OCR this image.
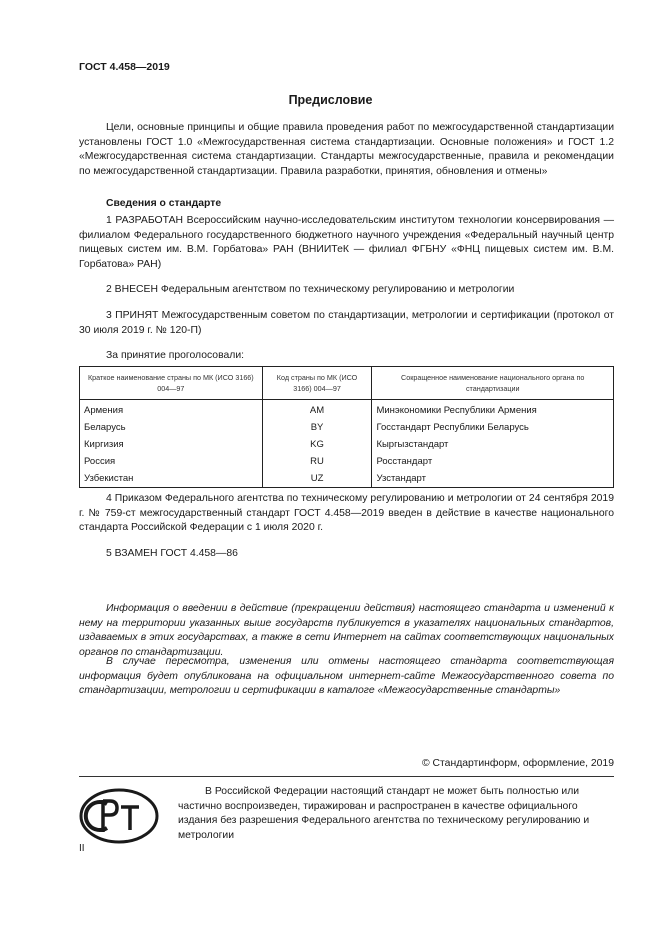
ГОСТ 4.458—2019
Предисловие

Цели, основные принципы и общие правила проведения работ по межгосударственной стандартизации установлены ГОСТ 1.0 «Межгосударственная система стандартизации. Основные положения» и ГОСТ 1.2 «Межгосударственная система стандартизации. Стандарты межгосударственные, правила и рекомендации по межгосударственной стандартизации. Правила разработки, принятия, обновления и отмены»

Сведения о стандарте

1 РАЗРАБОТАН Всероссийским научно-исследовательским институтом технологии консервирования — филиалом Федерального государственного бюджетного научного учреждения «Федеральный научный центр пищевых систем им. В.М. Горбатова» РАН (ВНИИТеК — филиал ФГБНУ «ФНЦ пищевых систем им. В.М. Горбатова» РАН)

2 ВНЕСЕН Федеральным агентством по техническому регулированию и метрологии

3 ПРИНЯТ Межгосударственным советом по стандартизации, метрологии и сертификации (протокол от 30 июля 2019 г. № 120-П)

За принятие проголосовали:

Краткое наименование страны по МК (ИСО 3166) 004—97	Код страны по МК (ИСО 3166) 004—97	Сокращенное наименование национального органа по стандартизации
Армения	AM	Минэкономики Республики Армения
Беларусь	BY	Госстандарт Республики Беларусь
Киргизия	KG	Кыргызстандарт
Россия	RU	Росстандарт
Узбекистан	UZ	Узстандарт

4 Приказом Федерального агентства по техническому регулированию и метрологии от 24 сентября 2019 г. № 759-ст межгосударственный стандарт ГОСТ 4.458—2019 введен в действие в качестве национального стандарта Российской Федерации с 1 июля 2020 г.

5 ВЗАМЕН ГОСТ 4.458—86

Информация о введении в действие (прекращении действия) настоящего стандарта и изменений к нему на территории указанных выше государств публикуется в указателях национальных стандартов, издаваемых в этих государствах, а также в сети Интернет на сайтах соответствующих национальных органов по стандартизации.

В случае пересмотра, изменения или отмены настоящего стандарта соответствующая информация будет опубликована на официальном интернет-сайте Межгосударственного совета по стандартизации, метрологии и сертификации в каталоге «Межгосударственные стандарты»

© Стандартинформ, оформление, 2019

В Российской Федерации настоящий стандарт не может быть полностью или частично воспроизведен, тиражирован и распространен в качестве официального издания без разрешения Федерального агентства по техническому регулированию и метрологии

II
